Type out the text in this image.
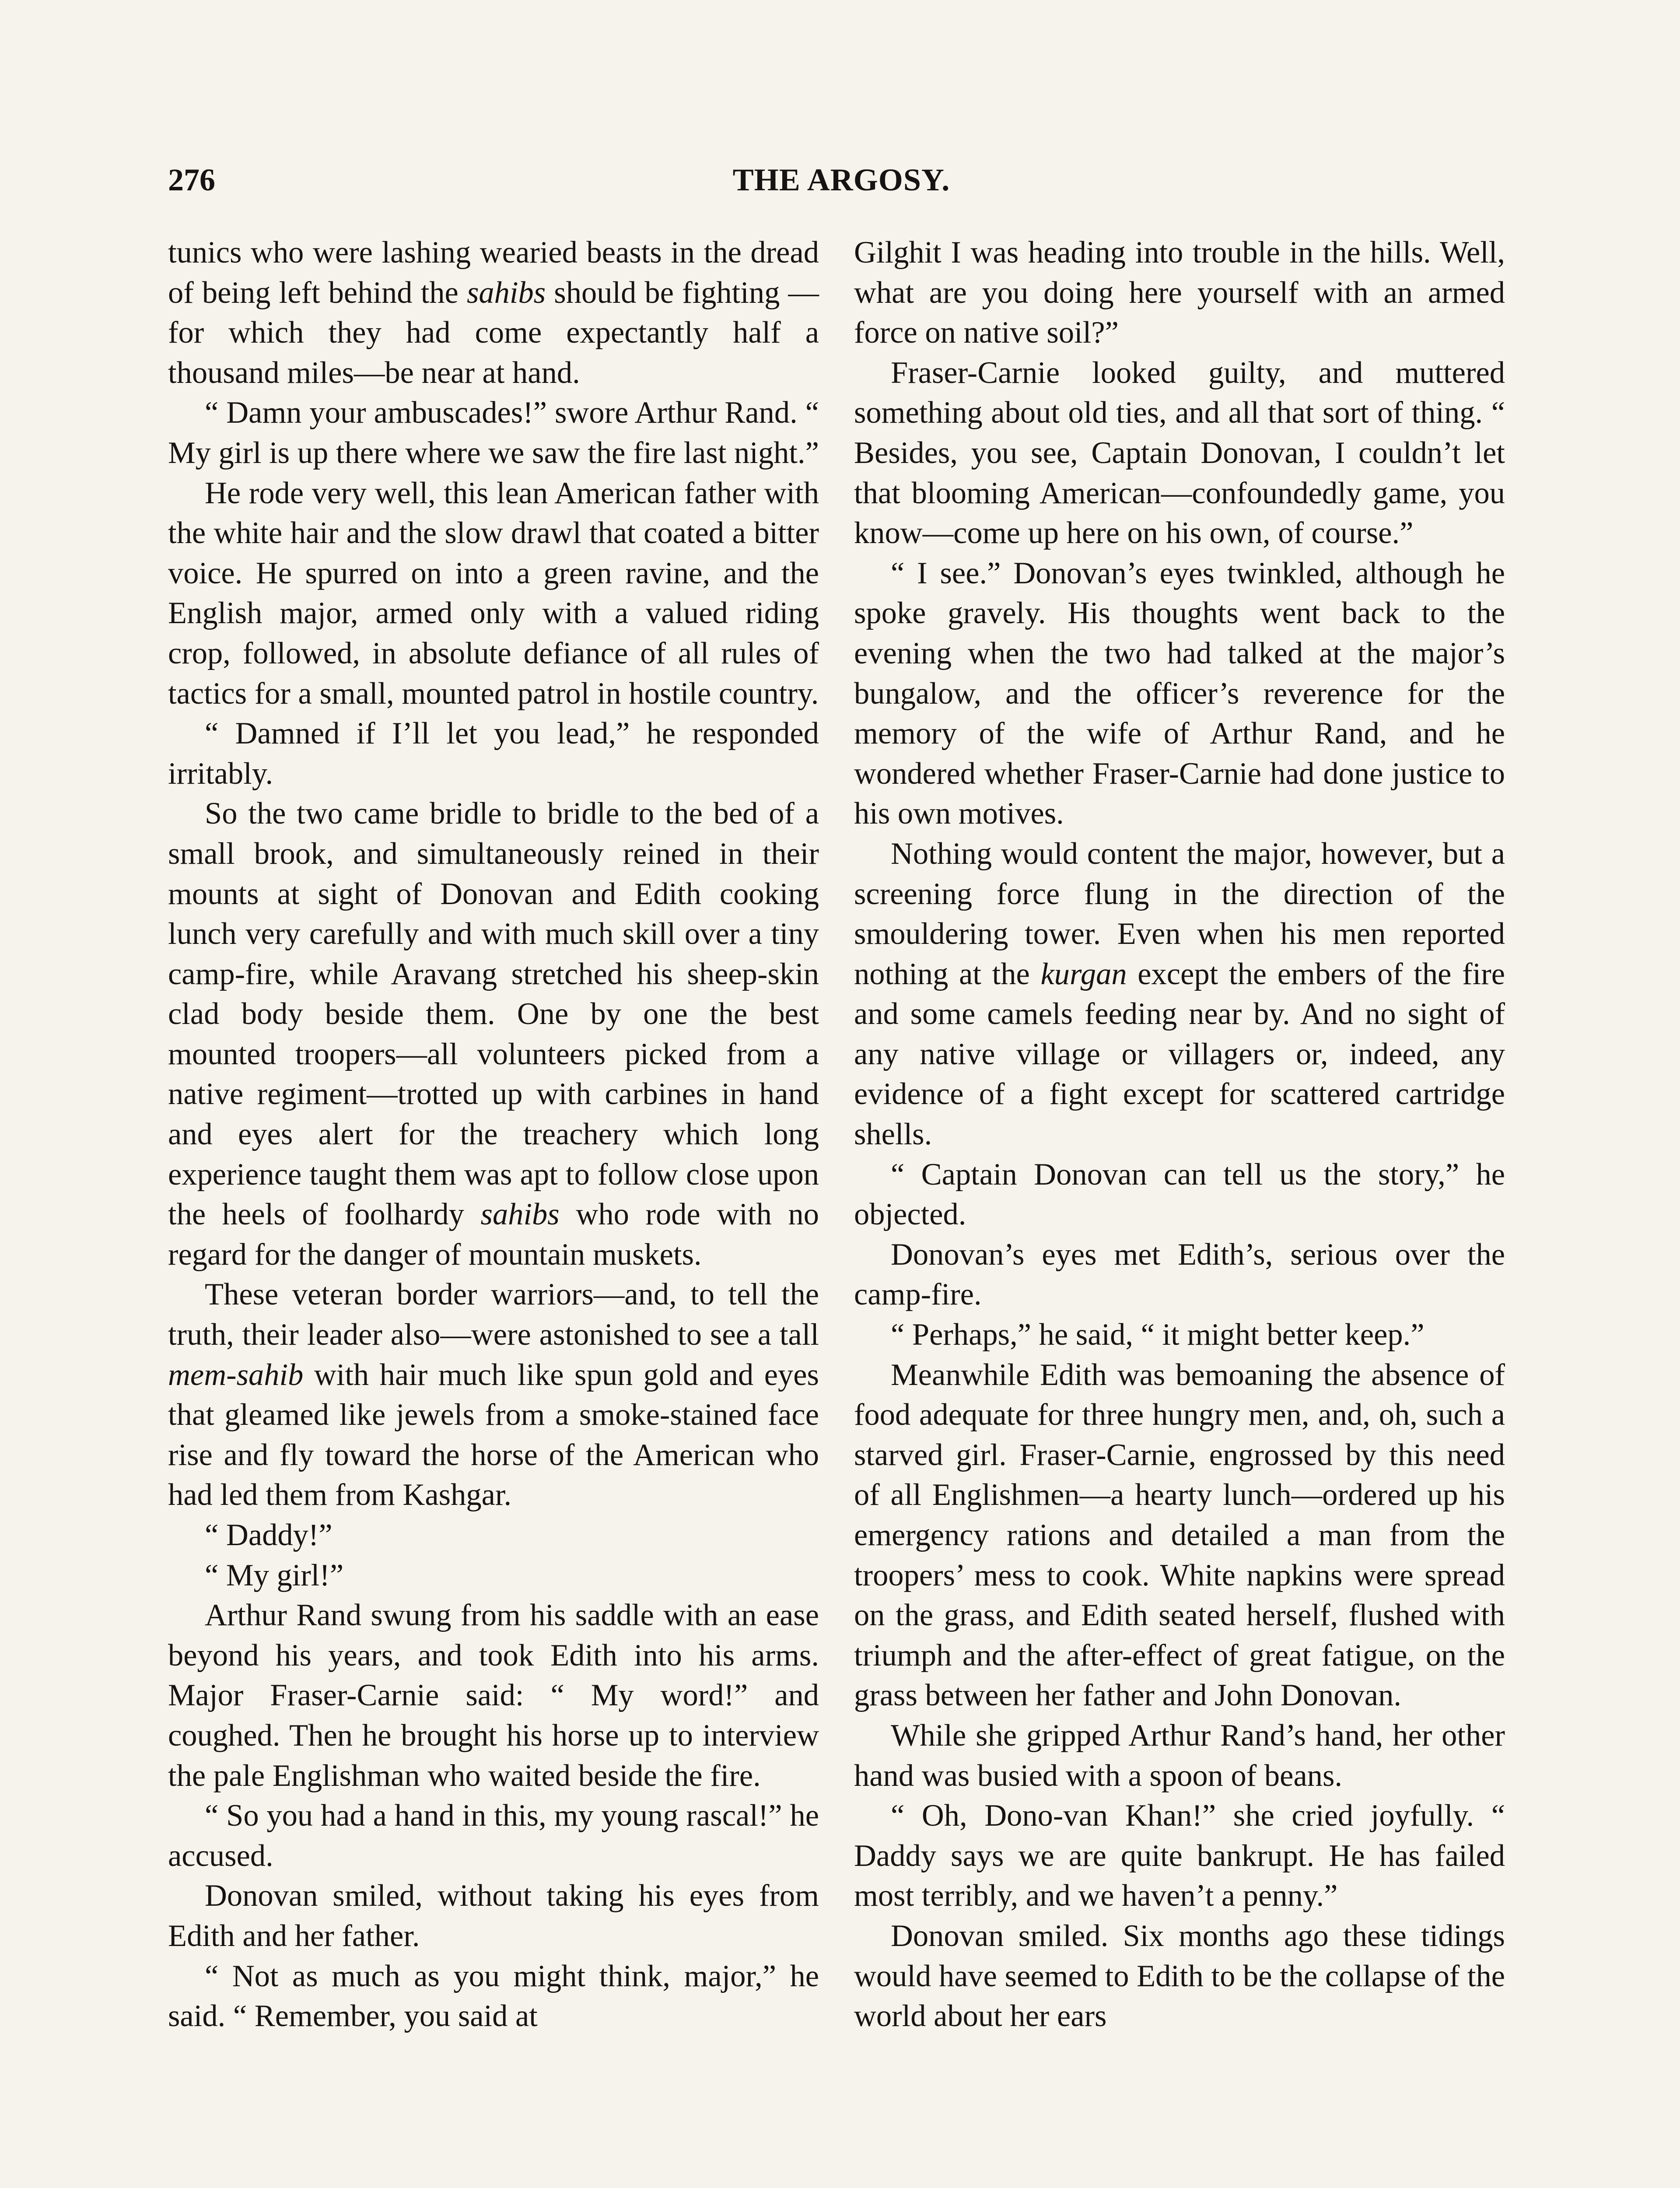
276	THE ARGOSY.

tunics who were lashing wearied beasts in the dread of being left behind the sahibs should be fighting — for which they had come expectantly half a thousand miles—be near at hand.

“ Damn your ambuscades!” swore Arthur Rand. “ My girl is up there where we saw the fire last night.”

He rode very well, this lean American father with the white hair and the slow drawl that coated a bitter voice. He spurred on into a green ravine, and the English major, armed only with a valued riding crop, followed, in absolute defiance of all rules of tactics for a small, mounted patrol in hostile country.

“ Damned if I’ll let you lead,” he responded irritably.

So the two came bridle to bridle to the bed of a small brook, and simultaneously reined in their mounts at sight of Donovan and Edith cooking lunch very carefully and with much skill over a tiny camp-fire, while Aravang stretched his sheep-skin clad body beside them. One by one the best mounted troopers—all volunteers picked from a native regiment—trotted up with carbines in hand and eyes alert for the treachery which long experience taught them was apt to follow close upon the heels of foolhardy sahibs who rode with no regard for the danger of mountain muskets.

These veteran border warriors—and, to tell the truth, their leader also—were astonished to see a tall mem-sahib with hair much like spun gold and eyes that gleamed like jewels from a smoke-stained face rise and fly toward the horse of the American who had led them from Kashgar.

“ Daddy!”

“ My girl!”

Arthur Rand swung from his saddle with an ease beyond his years, and took Edith into his arms. Major Fraser-Carnie said: “ My word!” and coughed. Then he brought his horse up to interview the pale Englishman who waited beside the fire.

“ So you had a hand in this, my young rascal!” he accused.

Donovan smiled, without taking his eyes from Edith and her father.

“ Not as much as you might think, major,” he said. “ Remember, you said at

Gilghit I was heading into trouble in the hills. Well, what are you doing here yourself with an armed force on native soil?”

Fraser-Carnie looked guilty, and muttered something about old ties, and all that sort of thing. “ Besides, you see, Captain Donovan, I couldn’t let that blooming American—confoundedly game, you know—come up here on his own, of course.”

“ I see.” Donovan’s eyes twinkled, although he spoke gravely. His thoughts went back to the evening when the two had talked at the major’s bungalow, and the officer’s reverence for the memory of the wife of Arthur Rand, and he wondered whether Fraser-Carnie had done justice to his own motives.

Nothing would content the major, however, but a screening force flung in the direction of the smouldering tower. Even when his men reported nothing at the kurgan except the embers of the fire and some camels feeding near by. And no sight of any native village or villagers or, indeed, any evidence of a fight except for scattered cartridge shells.

“ Captain Donovan can tell us the story,” he objected.

Donovan’s eyes met Edith’s, serious over the camp-fire.

“ Perhaps,” he said, “ it might better keep.”

Meanwhile Edith was bemoaning the absence of food adequate for three hungry men, and, oh, such a starved girl. Fraser-Carnie, engrossed by this need of all Englishmen—a hearty lunch—ordered up his emergency rations and detailed a man from the troopers’ mess to cook. White napkins were spread on the grass, and Edith seated herself, flushed with triumph and the after-effect of great fatigue, on the grass between her father and John Donovan.

While she gripped Arthur Rand’s hand, her other hand was busied with a spoon of beans.

“ Oh, Dono-van Khan!” she cried joyfully. “ Daddy says we are quite bankrupt. He has failed most terribly, and we haven’t a penny.”

Donovan smiled. Six months ago these tidings would have seemed to Edith to be the collapse of the world about her ears
